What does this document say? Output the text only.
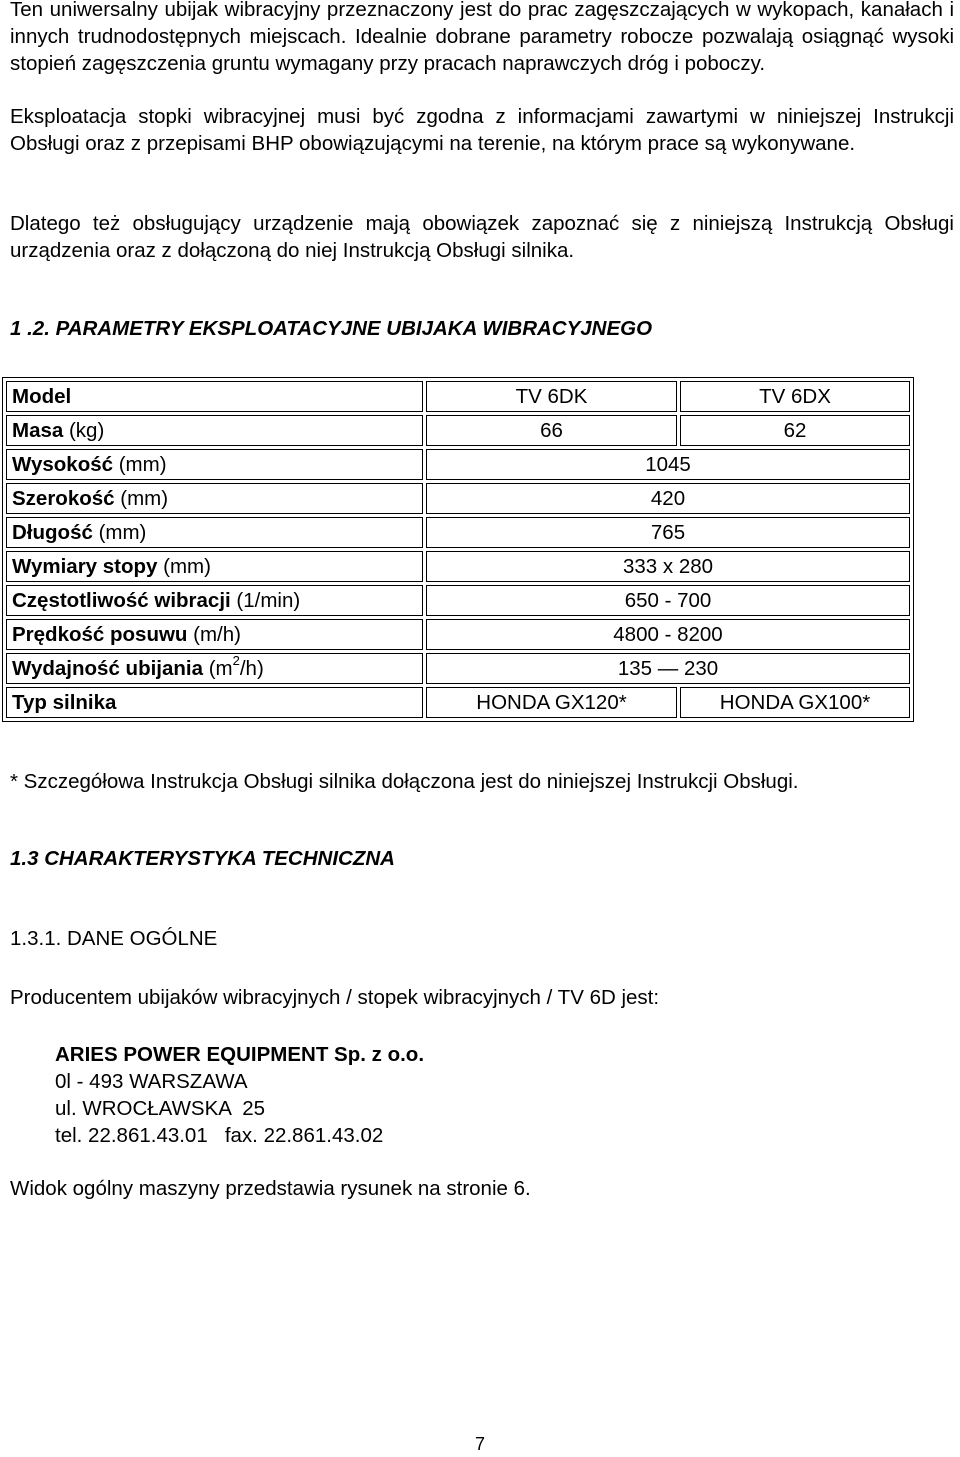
Ten uniwersalny ubijak wibracyjny przeznaczony jest do prac zagęszczających w wykopach, kanałach i innych trudnodostępnych miejscach. Idealnie dobrane parametry robocze pozwalają osiągnąć wysoki stopień zagęszczenia gruntu wymagany przy pracach naprawczych dróg i poboczy.

Eksploatacja stopki wibracyjnej musi być zgodna z informacjami zawartymi w niniejszej Instrukcji Obsługi oraz z przepisami BHP obowiązującymi na terenie, na którym prace są wykonywane.

Dlatego też obsługujący urządzenie mają obowiązek zapoznać się z niniejszą Instrukcją Obsługi urządzenia oraz z dołączoną do niej Instrukcją Obsługi silnika.

1 .2. PARAMETRY EKSPLOATACYJNE UBIJAKA WIBRACYJNEGO

Model	TV 6DK	TV 6DX
Masa (kg)	66	62
Wysokość (mm)	1045	
Szerokość (mm)	420	
Długość (mm)	765	
Wymiary stopy (mm)	333 x 280	
Częstotliwość wibracji (1/min)	650 - 700	
Prędkość posuwu (m/h)	4800 - 8200	
Wydajność ubijania $(m^2/h)$	135 — 230	
Typ silnika	HONDA GX120*	HONDA GX100*

* Szczegółowa Instrukcja Obsługi silnika dołączona jest do niniejszej Instrukcji Obsługi.

1.3 CHARAKTERYSTYKA TECHNICZNA

1.3.1. DANE OGÓLNE

Producentem ubijaków wibracyjnych / stopek wibracyjnych / TV 6D jest:

ARIES POWER EQUIPMENT Sp. z o.o.
0l - 493 WARSZAWA
ul. WROCŁAWSKA  25
tel. 22.861.43.01   fax. 22.861.43.02

Widok ogólny maszyny przedstawia rysunek na stronie 6.

7
